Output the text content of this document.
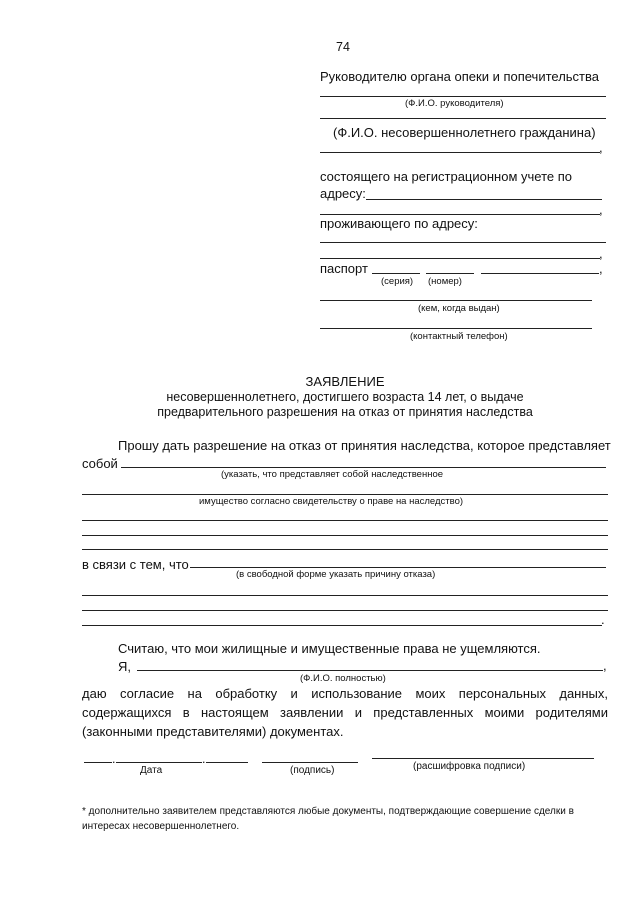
74
Руководителю органа опеки и попечительства
(Ф.И.О. руководителя)
(Ф.И.О. несовершеннолетнего гражданина)
,
состоящего на регистрационном учете по
адресу:
,
проживающего по адресу:
,
паспорт	,
(серия) (номер)
(кем, когда выдан)
(контактный телефон)
ЗАЯВЛЕНИЕ
несовершеннолетнего, достигшего возраста 14 лет, о выдаче
предварительного разрешения на отказ от принятия наследства
Прошу дать разрешение на отказ от принятия наследства, которое представляет
собой
(указать, что представляет собой наследственное
имущество согласно свидетельству о праве на наследство)
в связи с тем, что
(в свободной форме указать причину отказа)
.
Считаю, что мои жилищные и имущественные права не ущемляются.
Я,	,
(Ф.И.О. полностью)
даю согласие на обработку и использование моих персональных данных, содержащихся в настоящем заявлении и представленных моими родителями (законными представителями) документах.
.	.
Дата	(подпись)	(расшифровка подписи)
* дополнительно заявителем представляются любые документы, подтверждающие совершение сделки в интересах несовершеннолетнего.
